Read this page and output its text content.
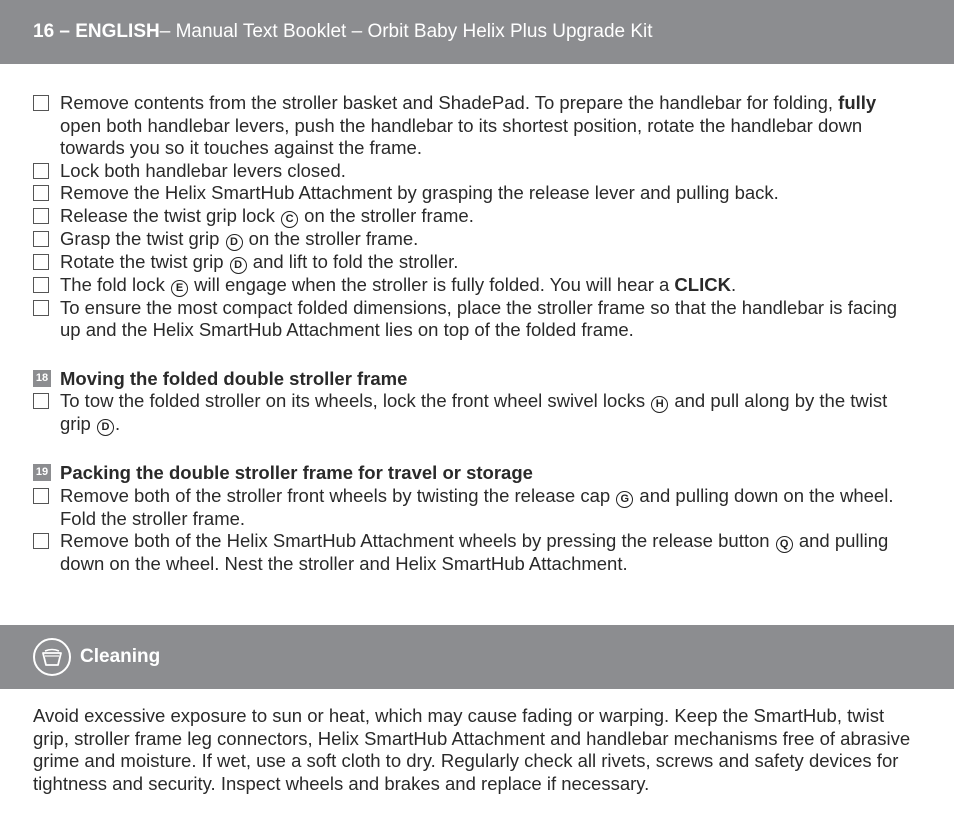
16 – ENGLISH – Manual Text Booklet – Orbit Baby Helix Plus Upgrade Kit
Remove contents from the stroller basket and ShadePad. To prepare the handlebar for folding, fully open both handlebar levers, push the handlebar to its shortest position, rotate the handlebar down towards you so it touches against the frame.
Lock both handlebar levers closed.
Remove the Helix SmartHub Attachment by grasping the release lever and pulling back.
Release the twist grip lock C on the stroller frame.
Grasp the twist grip D on the stroller frame.
Rotate the twist grip D and lift to fold the stroller.
The fold lock E will engage when the stroller is fully folded. You will hear a CLICK.
To ensure the most compact folded dimensions, place the stroller frame so that the handlebar is facing up and the Helix SmartHub Attachment lies on top of the folded frame.
18 Moving the folded double stroller frame
To tow the folded stroller on its wheels, lock the front wheel swivel locks H and pull along by the twist grip D .
19 Packing the double stroller frame for travel or storage
Remove both of the stroller front wheels by twisting the release cap G and pulling down on the wheel. Fold the stroller frame.
Remove both of the Helix SmartHub Attachment wheels by pressing the release button Q and pulling down on the wheel. Nest the stroller and Helix SmartHub Attachment.
Cleaning
Avoid excessive exposure to sun or heat, which may cause fading or warping. Keep the SmartHub, twist grip, stroller frame leg connectors, Helix SmartHub Attachment and handlebar mechanisms free of abrasive grime and moisture. If wet, use a soft cloth to dry. Regularly check all rivets, screws and safety devices for tightness and security. Inspect wheels and brakes and replace if necessary.
